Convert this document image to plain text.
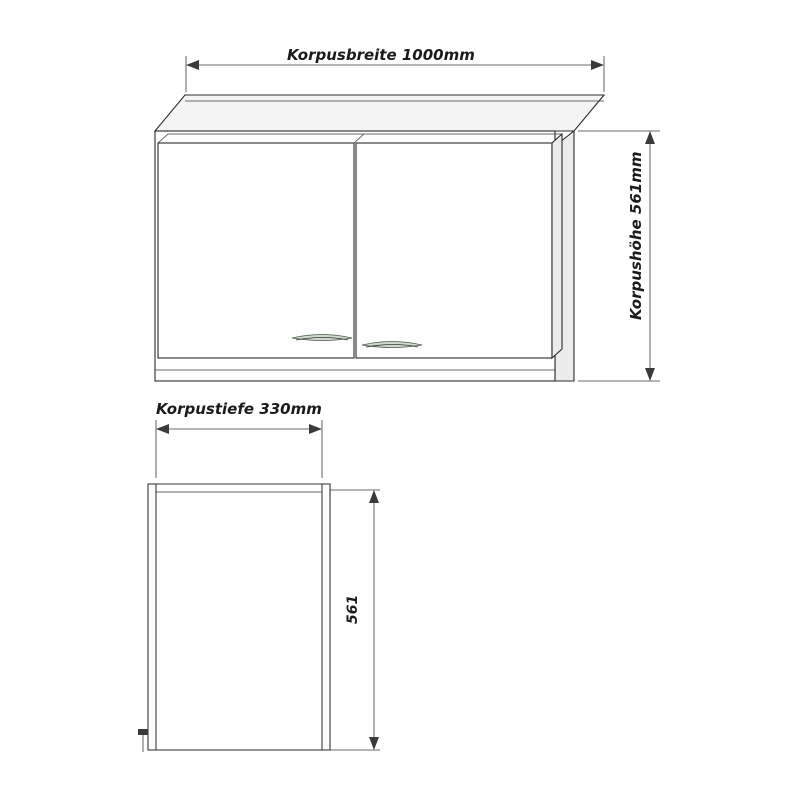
Korpusbreite 1000mm
Korpushöhe 561mm
Korpustiefe 330mm
561
